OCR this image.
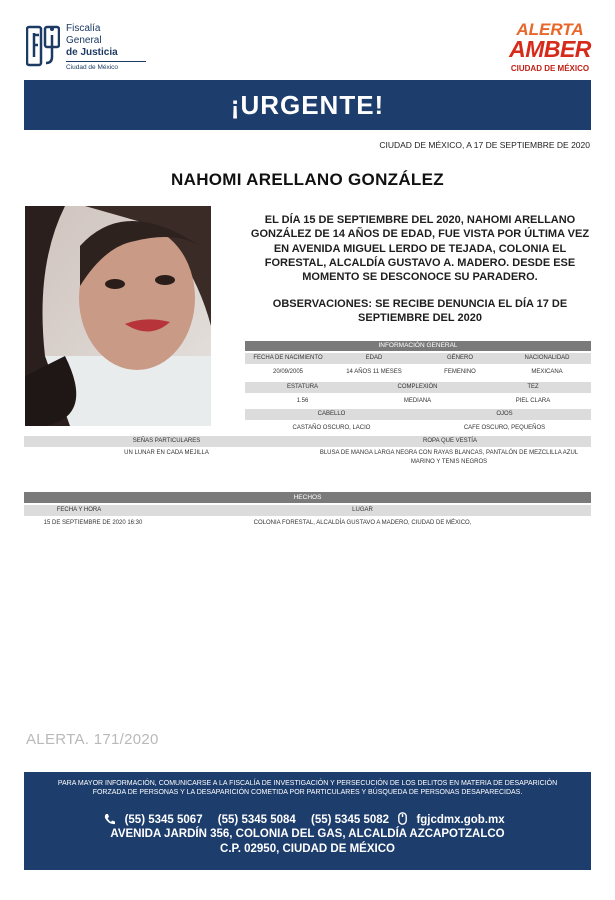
Fiscalía
General
de Justicia
Ciudad de México
ALERTA
AMBER
CIUDAD DE MÉXICO
¡URGENTE!
CIUDAD DE MÉXICO, A 17 DE SEPTIEMBRE DE 2020
NAHOMI ARELLANO GONZÁLEZ
EL DÍA 15 DE SEPTIEMBRE DEL 2020, NAHOMI ARELLANO GONZÁLEZ DE 14 AÑOS DE EDAD, FUE VISTA POR ÚLTIMA VEZ EN AVENIDA MIGUEL LERDO DE TEJADA, COLONIA EL FORESTAL, ALCALDÍA GUSTAVO A. MADERO. DESDE ESE MOMENTO SE DESCONOCE SU PARADERO.
OBSERVACIONES: SE RECIBE DENUNCIA EL DÍA 17 DE SEPTIEMBRE DEL 2020
INFORMACIÓN GENERAL
FECHA DE NACIMIENTO	EDAD	GÉNERO	NACIONALIDAD
20/09/2005	14 AÑOS 11 MESES	FEMENINO	MEXICANA
ESTATURA	COMPLEXIÓN	TEZ
1.56	MEDIANA	PIEL CLARA
CABELLO	OJOS
CASTAÑO OSCURO, LACIO	CAFE OSCURO, PEQUEÑOS
SEÑAS PARTICULARES	ROPA QUE VESTÍA
UN LUNAR EN CADA MEJILLA	BLUSA DE MANGA LARGA NEGRA CON RAYAS BLANCAS, PANTALÓN DE MEZCLILLA AZUL MARINO Y TENIS NEGROS
HECHOS
FECHA Y HORA	LUGAR
15 DE SEPTIEMBRE DE 2020 16:30	COLONIA FORESTAL, ALCALDÍA GUSTAVO A MADERO, CIUDAD DE MÉXICO,
ALERTA. 171/2020
PARA MAYOR INFORMACIÓN, COMUNICARSE A LA FISCALÍA DE INVESTIGACIÓN Y PERSECUCIÓN DE LOS DELITOS EN MATERIA DE DESAPARICIÓN FORZADA DE PERSONAS Y LA DESAPARICIÓN COMETIDA POR PARTICULARES Y BÚSQUEDA DE PERSONAS DESAPARECIDAS.
(55) 5345 5067 (55) 5345 5084 (55) 5345 5082 fgjcdmx.gob.mx
AVENIDA JARDÍN 356, COLONIA DEL GAS, ALCALDÍA AZCAPOTZALCO
C.P. 02950, CIUDAD DE MÉXICO
